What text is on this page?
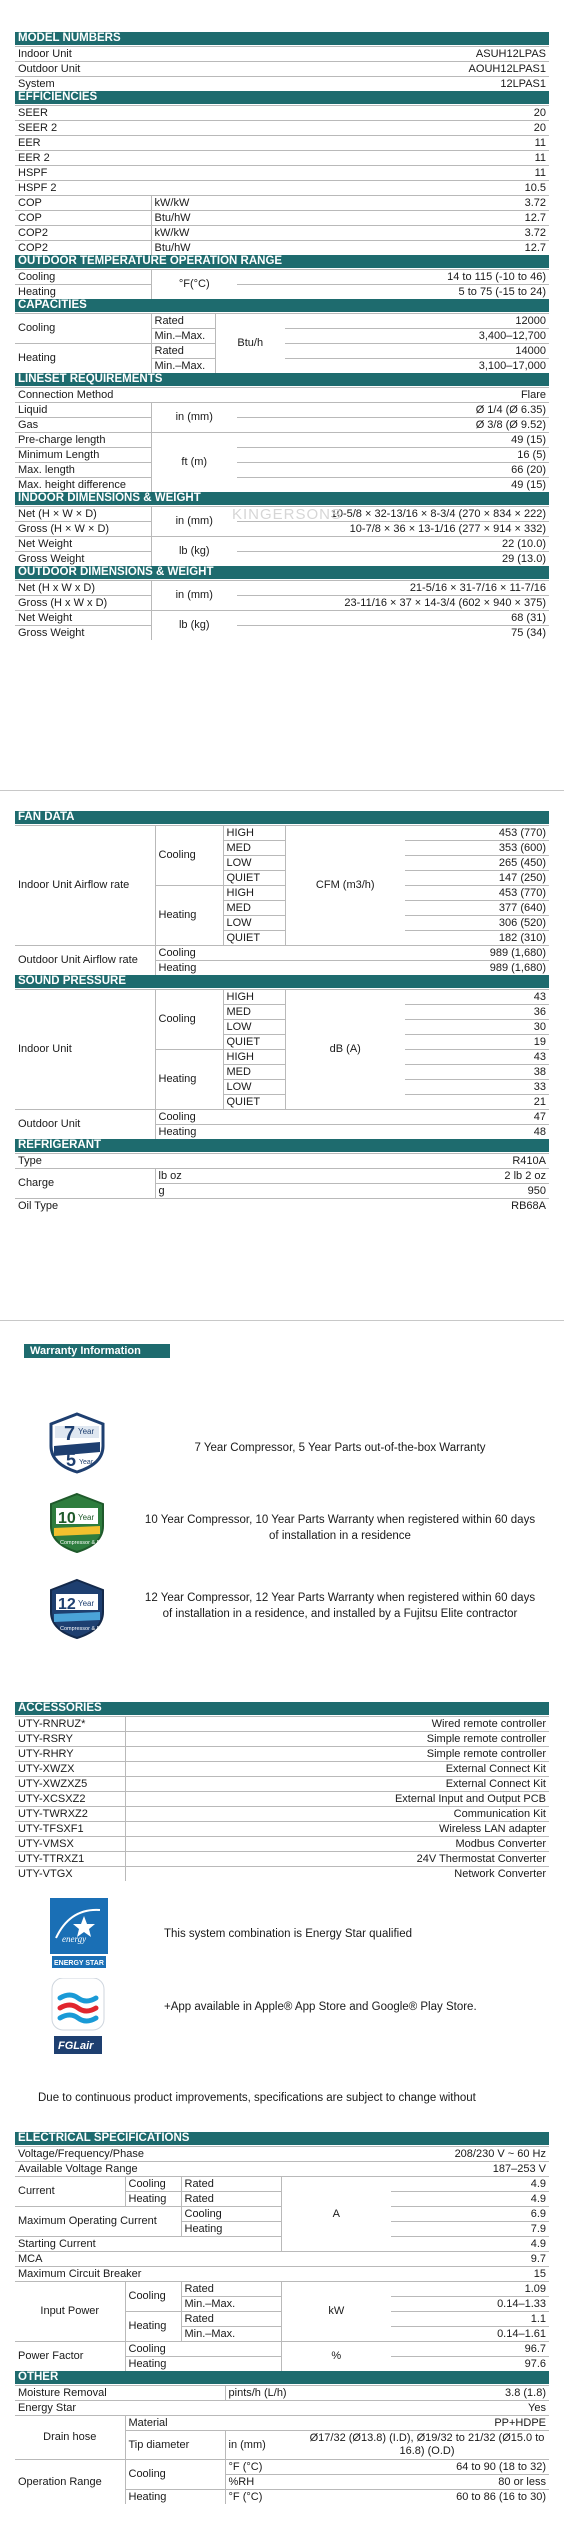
MODEL NUMBERS
Indoor Unit	ASUH12LPAS
Outdoor Unit	AOUH12LPAS1
System	12LPAS1
EFFICIENCIES
SEER		20
SEER 2		20
EER		11
EER 2		11
HSPF		11
HSPF 2		10.5
COP	kW/kW	3.72
COP	Btu/hW	12.7
COP2	kW/kW	3.72
COP2	Btu/hW	12.7
OUTDOOR TEMPERATURE OPERATION RANGE
Cooling	°F(°C)	14 to 115 (-10 to 46)
Heating		5 to 75 (-15 to 24)
CAPACITIES
Cooling	Rated	Btu/h	12000
	Min.–Max.		3,400–12,700
Heating	Rated		14000
	Min.–Max.		3,100–17,000
LINESET REQUIREMENTS
Connection Method		Flare
Liquid	in (mm)	Ø 1/4 (Ø 6.35)
Gas		Ø 3/8 (Ø 9.52)
Pre-charge length	ft (m)	49 (15)
Minimum Length		16 (5)
Max. length		66 (20)
Max. height difference		49 (15)
INDOOR DIMENSIONS & WEIGHT
Net (H × W × D)	in (mm)	10-5/8 × 32-13/16 × 8-3/4 (270 × 834 × 222)
Gross (H × W × D)		10-7/8 × 36 × 13-1/16 (277 × 914 × 332)
Net Weight	lb (kg)	22 (10.0)
Gross Weight		29 (13.0)
OUTDOOR DIMENSIONS & WEIGHT
Net (H x W x D)	in (mm)	21-5/16 × 31-7/16 × 11-7/16
Gross (H x W x D)		23-11/16 × 37 × 14-3/4 (602 × 940 × 375)
Net Weight	lb (kg)	68 (31)
Gross Weight		75 (34)
KINGERSONS
FAN DATA
Indoor Unit Airflow rate	Cooling	HIGH	CFM (m3/h)	453 (770)
		MED		353 (600)
		LOW		265 (450)
		QUIET		147 (250)
	Heating	HIGH		453 (770)
		MED		377 (640)
		LOW		306 (520)
		QUIET		182 (310)
Outdoor Unit Airflow rate	Cooling			989 (1,680)
	Heating			989 (1,680)
SOUND PRESSURE
Indoor Unit	Cooling	HIGH	dB (A)	43
		MED		36
		LOW		30
		QUIET		19
	Heating	HIGH		43
		MED		38
		LOW		33
		QUIET		21
Outdoor Unit	Cooling			47
	Heating			48
REFRIGERANT
Type		R410A
Charge	lb oz	2 lb 2 oz
	g	950
Oil Type		RB68A
Warranty Information
7 Year
5 Year
7 Year Compressor, 5 Year Parts out-of-the-box Warranty
10 Year
Compressor & Parts
10 Year Compressor, 10 Year Parts Warranty when registered within 60 days of installation in a residence
12 Year
Compressor & Parts
12 Year Compressor, 12 Year Parts Warranty when registered within 60 days of installation in a residence, and installed by a Fujitsu Elite contractor
ACCESSORIES
UTY-RNRUZ*	Wired remote controller
UTY-RSRY	Simple remote controller
UTY-RHRY	Simple remote controller
UTY-XWZX	External Connect Kit
UTY-XWZXZ5	External Connect Kit
UTY-XCSXZ2	External Input and Output PCB
UTY-TWRXZ2	Communication Kit
UTY-TFSXF1	Wireless LAN adapter
UTY-VMSX	Modbus Converter
UTY-TTRXZ1	24V Thermostat Converter
UTY-VTGX	Network Converter
energy
ENERGY STAR
This system combination is Energy Star qualified
FGLair
+App available in Apple® App Store and Google® Play Store.
Due to continuous product improvements, specifications are subject to change without
ELECTRICAL SPECIFICATIONS
Voltage/Frequency/Phase				208/230 V ~ 60 Hz
Available Voltage Range				187–253 V
Current	Cooling	Rated	A	4.9
	Heating	Rated		4.9
Maximum Operating Current		Cooling		6.9
		Heating		7.9
Starting Current				4.9
MCA				9.7
Maximum Circuit Breaker				15
Input Power	Cooling	Rated	kW	1.09
		Min.–Max.		0.14–1.33
	Heating	Rated		1.1
		Min.–Max.		0.14–1.61
Power Factor	Cooling		%	96.7
	Heating			97.6
OTHER
Moisture Removal		pints/h (L/h)	3.8 (1.8)
Energy Star			Yes
Drain hose	Material		PP+HDPE
	Tip diameter	in (mm)	Ø17/32 (Ø13.8) (I.D), Ø19/32 to 21/32 (Ø15.0 to 16.8) (O.D)
Operation Range	Cooling	°F (°C)	64 to 90 (18 to 32)
		%RH	80 or less
	Heating	°F (°C)	60 to 86 (16 to 30)
